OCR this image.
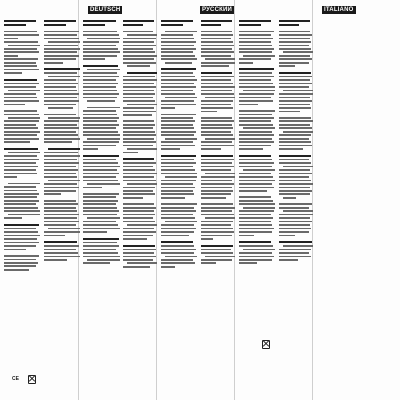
DEUTSCH	РУССКИЙ	ITALIANO
CE
